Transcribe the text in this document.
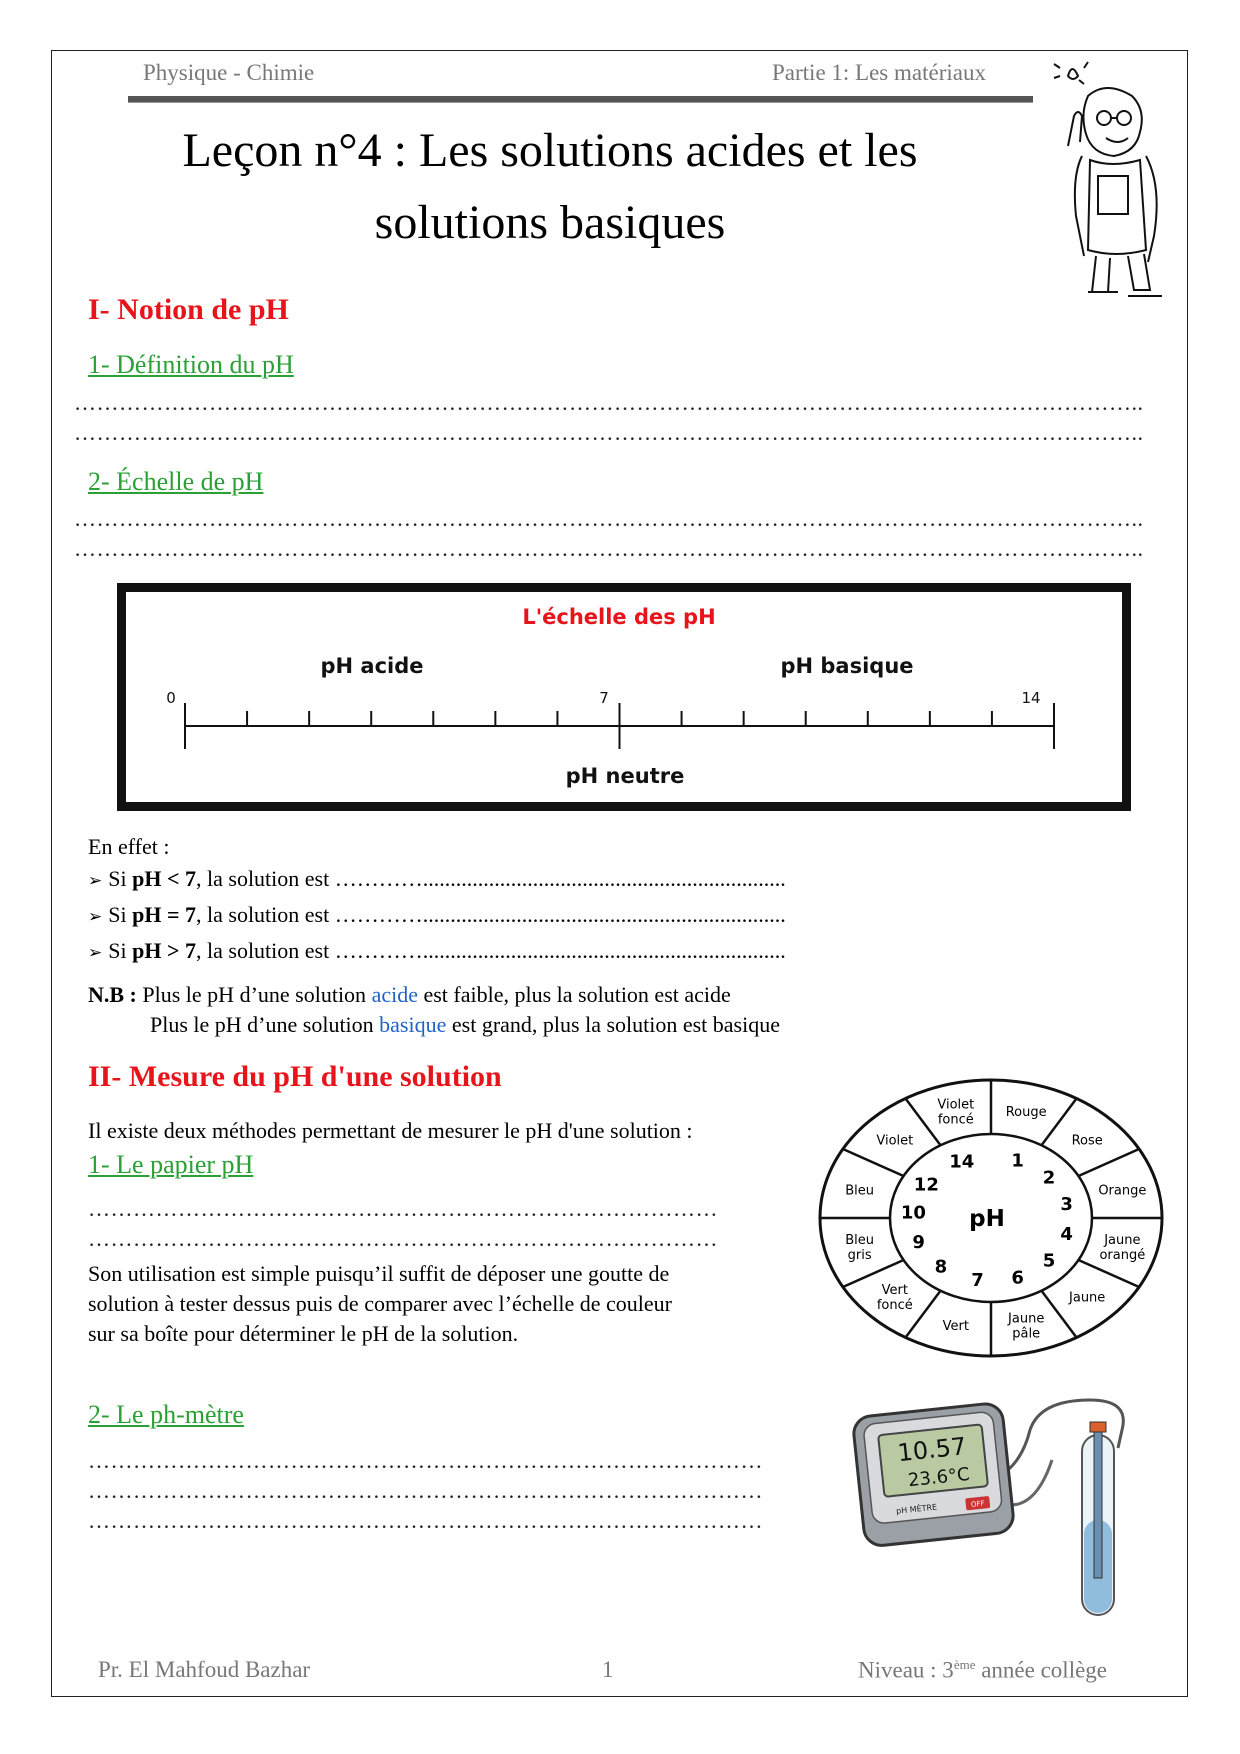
Physique - Chimie	Partie 1: Les matériaux
Leçon n°4 : Les solutions acides et les
solutions basiques
I- Notion de pH
1- Définition du pH
……………………………………………………………………………………………………………………………..
……………………………………………………………………………………………………………………………..
2- Échelle de pH
……………………………………………………………………………………………………………………………..
……………………………………………………………………………………………………………………………..
L'échelle des pH
pH acide	pH basique
pH neutre
0	7	14
En effet :
➢ Si pH < 7, la solution est …………..................................................................
➢ Si pH = 7, la solution est …………..................................................................
➢ Si pH > 7, la solution est …………..................................................................
N.B : Plus le pH d’une solution acide est faible, plus la solution est acide
Plus le pH d’une solution basique est grand, plus la solution est basique
II- Mesure du pH d'une solution
Il existe deux méthodes permettant de mesurer le pH d'une solution :
1- Le papier pH
…………………………………………………………………………
…………………………………………………………………………
Son utilisation est simple puisqu’il suffit de déposer une goutte de
solution à tester dessus puis de comparer avec l’échelle de couleur
sur sa boîte pour déterminer le pH de la solution.
1
2
3
4
5
6
7
8
9
10
12
14
Rouge
Rose
Orange
Jaune orangé
Jaune
Jaune pâle
Vert
Vert foncé
Bleu gris
Bleu
Violet
Violet foncé
pH
2- Le ph-mètre
………………………………………………………………………………
………………………………………………………………………………
………………………………………………………………………………
10.57
23.6°C
pH MÈTRE	OFF
Pr. El Mahfoud Bazhar	1	Niveau : 3ème année collège
